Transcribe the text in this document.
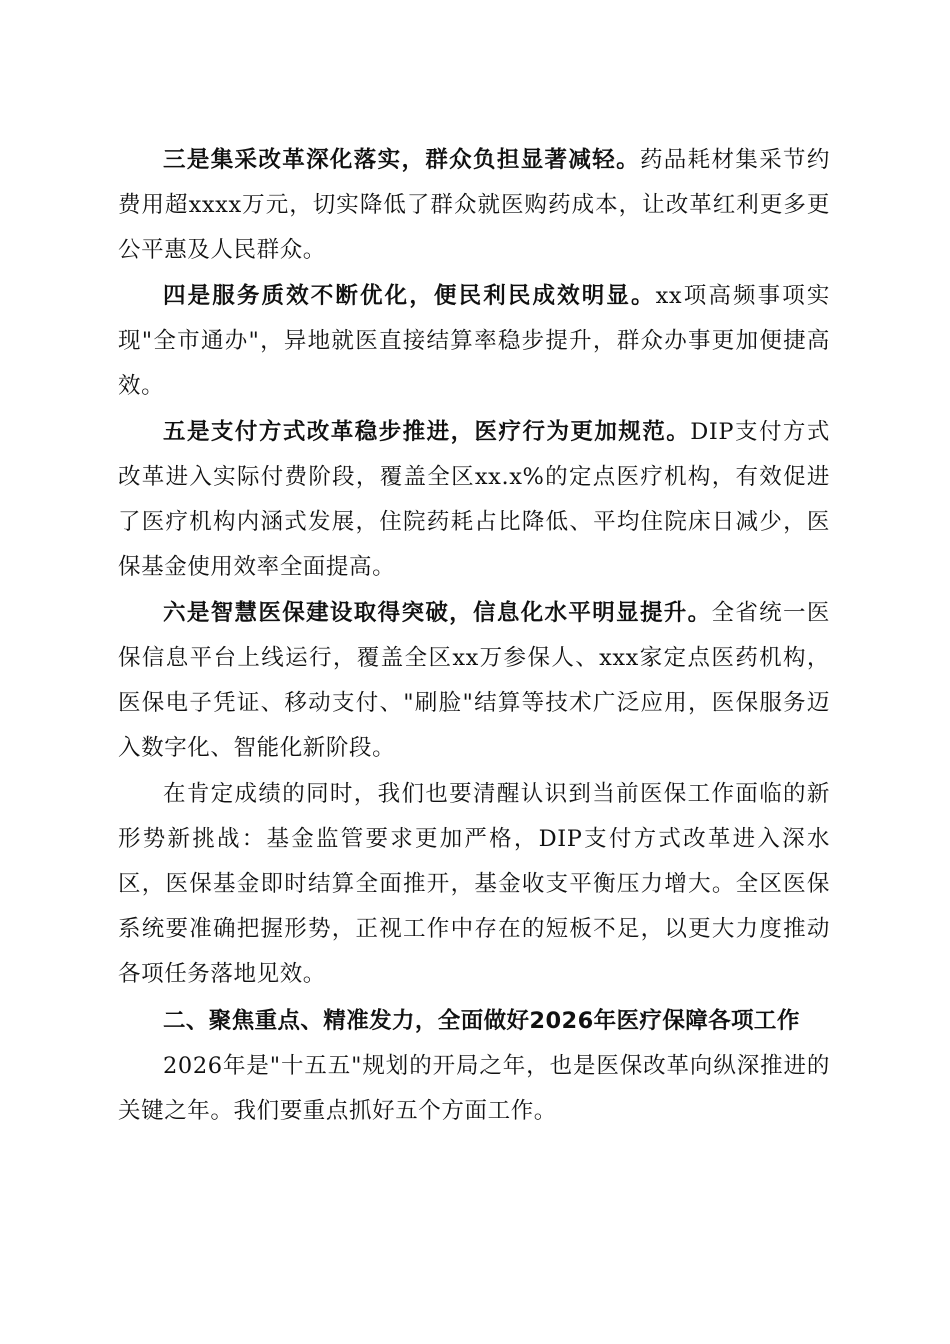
三是集采改革深化落实，群众负担显著减轻。药品耗材集采节约费用超xxxx万元，切实降低了群众就医购药成本，让改革红利更多更公平惠及人民群众。

四是服务质效不断优化，便民利民成效明显。xx项高频事项实现"全市通办"，异地就医直接结算率稳步提升，群众办事更加便捷高效。

五是支付方式改革稳步推进，医疗行为更加规范。DIP支付方式改革进入实际付费阶段，覆盖全区xx.x%的定点医疗机构，有效促进了医疗机构内涵式发展，住院药耗占比降低、平均住院床日减少，医保基金使用效率全面提高。

六是智慧医保建设取得突破，信息化水平明显提升。全省统一医保信息平台上线运行，覆盖全区xx万参保人、xxx家定点医药机构，医保电子凭证、移动支付、"刷脸"结算等技术广泛应用，医保服务迈入数字化、智能化新阶段。

在肯定成绩的同时，我们也要清醒认识到当前医保工作面临的新形势新挑战：基金监管要求更加严格，DIP支付方式改革进入深水区，医保基金即时结算全面推开，基金收支平衡压力增大。全区医保系统要准确把握形势，正视工作中存在的短板不足，以更大力度推动各项任务落地见效。

二、聚焦重点、精准发力，全面做好2026年医疗保障各项工作

2026年是"十五五"规划的开局之年，也是医保改革向纵深推进的关键之年。我们要重点抓好五个方面工作。
